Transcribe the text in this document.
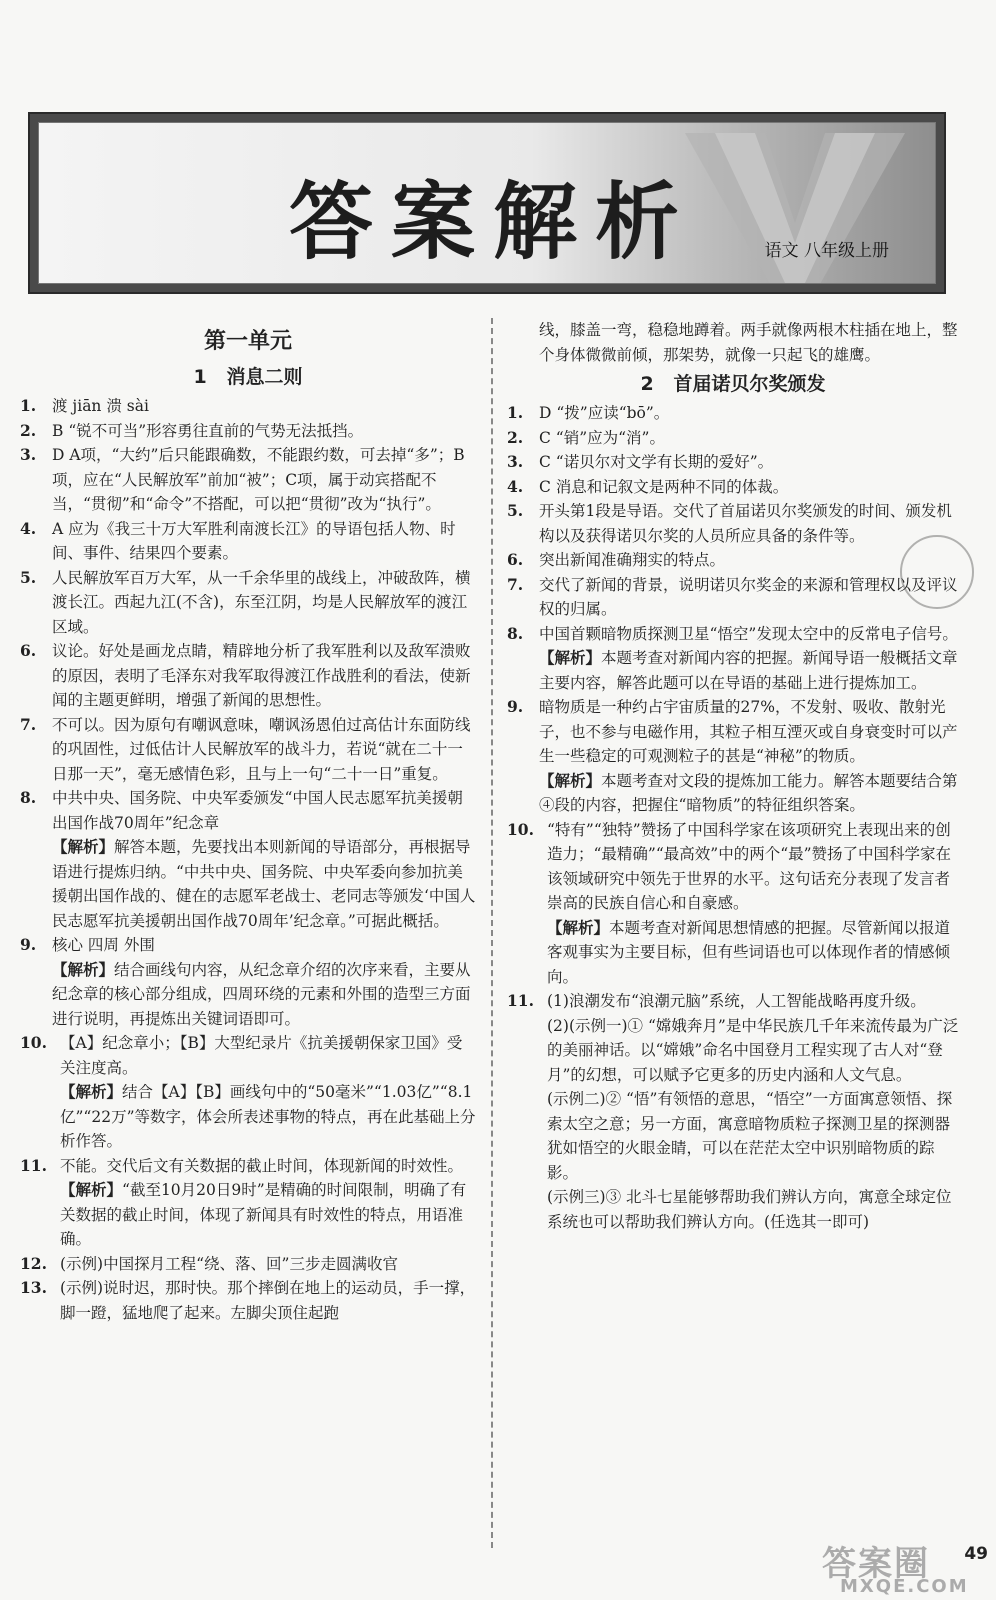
答案解析	语文 八年级上册
第一单元
1   消息二则
1.	渡 jiān 溃 sài
2.	B “锐不可当”形容勇往直前的气势无法抵挡。
3.	D A项，“大约”后只能跟确数，不能跟约数，可去掉“多”；B项，应在“人民解放军”前加“被”；C项，属于动宾搭配不当，“贯彻”和“命令”不搭配，可以把“贯彻”改为“执行”。
4.	A 应为《我三十万大军胜利南渡长江》的导语包括人物、时间、事件、结果四个要素。
5.	人民解放军百万大军，从一千余华里的战线上，冲破敌阵，横渡长江。西起九江(不含)，东至江阴，均是人民解放军的渡江区域。
6.	议论。好处是画龙点睛，精辟地分析了我军胜利以及敌军溃败的原因，表明了毛泽东对我军取得渡江作战胜利的看法，使新闻的主题更鲜明，增强了新闻的思想性。
7.	不可以。因为原句有嘲讽意味，嘲讽汤恩伯过高估计东面防线的巩固性，过低估计人民解放军的战斗力，若说“就在二十一日那一天”，毫无感情色彩，且与上一句“二十一日”重复。
8.	中共中央、国务院、中央军委颁发“中国人民志愿军抗美援朝出国作战70周年”纪念章
【解析】解答本题，先要找出本则新闻的导语部分，再根据导语进行提炼归纳。“中共中央、国务院、中央军委向参加抗美援朝出国作战的、健在的志愿军老战士、老同志等颁发‘中国人民志愿军抗美援朝出国作战70周年’纪念章。”可据此概括。
9.	核心 四周 外围
【解析】结合画线句内容，从纪念章介绍的次序来看，主要从纪念章的核心部分组成，四周环绕的元素和外围的造型三方面进行说明，再提炼出关键词语即可。
10. 【A】纪念章小；【B】大型纪录片《抗美援朝保家卫国》受关注度高。
【解析】结合【A】【B】画线句中的“50毫米”“1.03亿”“8.1亿”“22万”等数字，体会所表述事物的特点，再在此基础上分析作答。
11. 不能。交代后文有关数据的截止时间，体现新闻的时效性。
【解析】“截至10月20日9时”是精确的时间限制，明确了有关数据的截止时间，体现了新闻具有时效性的特点，用语准确。
12. (示例)中国探月工程“绕、落、回”三步走圆满收官
13. (示例)说时迟，那时快。那个摔倒在地上的运动员，手一撑，脚一蹬，猛地爬了起来。左脚尖顶住起跑
线，膝盖一弯，稳稳地蹲着。两手就像两根木柱插在地上，整个身体微微前倾，那架势，就像一只起飞的雄鹰。
2   首届诺贝尔奖颁发
1.	D “拨”应读“bō”。
2.	C “销”应为“消”。
3.	C “诺贝尔对文学有长期的爱好”。
4.	C 消息和记叙文是两种不同的体裁。
5.	开头第1段是导语。交代了首届诺贝尔奖颁发的时间、颁发机构以及获得诺贝尔奖的人员所应具备的条件等。
6.	突出新闻准确翔实的特点。
7.	交代了新闻的背景，说明诺贝尔奖金的来源和管理权以及评议权的归属。
8.	中国首颗暗物质探测卫星“悟空”发现太空中的反常电子信号。
【解析】本题考查对新闻内容的把握。新闻导语一般概括文章主要内容，解答此题可以在导语的基础上进行提炼加工。
9.	暗物质是一种约占宇宙质量的27%，不发射、吸收、散射光子，也不参与电磁作用，其粒子相互湮灭或自身衰变时可以产生一些稳定的可观测粒子的甚是“神秘”的物质。
【解析】本题考查对文段的提炼加工能力。解答本题要结合第④段的内容，把握住“暗物质”的特征组织答案。
10. “特有”“独特”赞扬了中国科学家在该项研究上表现出来的创造力；“最精确”“最高效”中的两个“最”赞扬了中国科学家在该领域研究中领先于世界的水平。这句话充分表现了发言者崇高的民族自信心和自豪感。
【解析】本题考查对新闻思想情感的把握。尽管新闻以报道客观事实为主要目标，但有些词语也可以体现作者的情感倾向。
11. (1)浪潮发布“浪潮元脑”系统，人工智能战略再度升级。
(2)(示例一)① “嫦娥奔月”是中华民族几千年来流传最为广泛的美丽神话。以“嫦娥”命名中国登月工程实现了古人对“登月”的幻想，可以赋予它更多的历史内涵和人文气息。
(示例二)② “悟”有领悟的意思，“悟空”一方面寓意领悟、探索太空之意；另一方面，寓意暗物质粒子探测卫星的探测器犹如悟空的火眼金睛，可以在茫茫太空中识别暗物质的踪影。
(示例三)③ 北斗七星能够帮助我们辨认方向，寓意全球定位系统也可以帮助我们辨认方向。(任选其一即可)
答案圈
MXQE.COM
49
